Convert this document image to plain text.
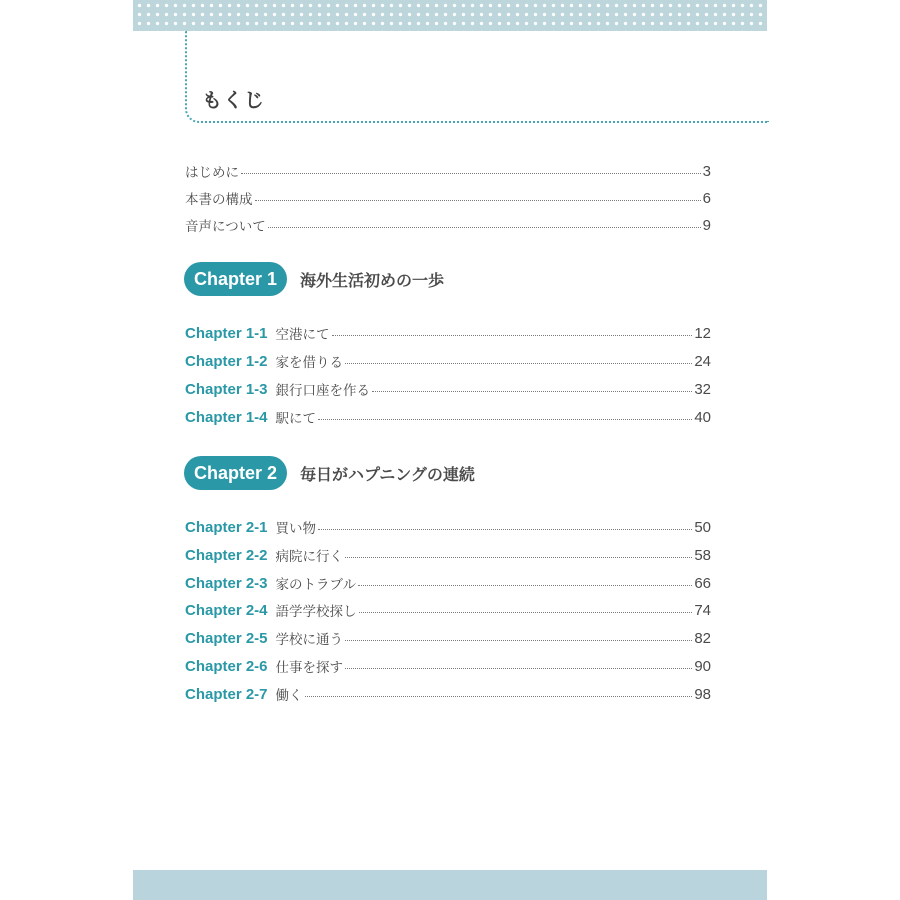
もくじ
はじめに	3
本書の構成	6
音声について	9
Chapter 1	海外生活初めの一歩
Chapter 1-1 空港にて	12
Chapter 1-2 家を借りる	24
Chapter 1-3 銀行口座を作る	32
Chapter 1-4 駅にて	40
Chapter 2	毎日がハプニングの連続
Chapter 2-1 買い物	50
Chapter 2-2 病院に行く	58
Chapter 2-3 家のトラブル	66
Chapter 2-4 語学学校探し	74
Chapter 2-5 学校に通う	82
Chapter 2-6 仕事を探す	90
Chapter 2-7 働く	98
